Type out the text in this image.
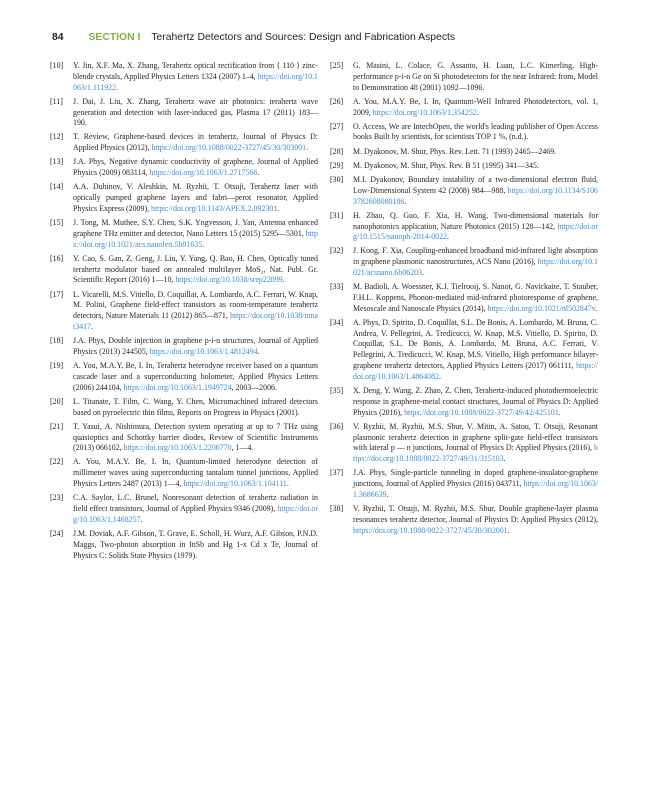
84 SECTION I Terahertz Detectors and Sources: Design and Fabrication Aspects
[10] Y. Jin, X.F. Ma, X. Zhang, Terahertz optical rectification from ⟨ 110 ⟩ zinc-blende crystals, Applied Physics Letters 1324 (2007) 1–4, https://doi.org/10.1063/1.111922.
[11] J. Dai, J. Liu, X. Zhang, Terahertz wave air photonics: terahertz wave generation and detection with laser-induced gas, Plasma 17 (2011) 183—190.
[12] T. Review, Graphene-based devices in terahertz, Journal of Physics D: Applied Physics (2012), https://doi.org/10.1088/0022-3727/45/30/303001.
[13] J.A. Phys, Negative dynamic conductivity of graphene, Journal of Applied Physics (2009) 083114, https://doi.org/10.1063/1.2717566.
[14] A.A. Dubinov, V. Aleshkin, M. Ryzhii, T. Otsuji, Terahertz laser with optically pumped graphene layers and fabri—perot resonator, Applied Physics Express (2009), https://doi.org/10.1143/APEX.2.092301.
[15] J. Tong, M. Muthee, S.Y. Chen, S.K. Yngvesson, J. Yan, Antenna enhanced graphene THz emitter and detector, Nano Letters 15 (2015) 5295—5301, https://doi.org/10.1021/acs.nanolett.5b01635.
[16] Y. Cao, S. Gan, Z. Geng, J. Liu, Y. Yang, Q. Bao, H. Chen, Optically tuned terahertz modulator based on annealed multilayer MoS₂, Nat. Publ. Gr. Scientific Report (2016) 1—10, https://doi.org/10.1038/srep22899.
[17] L. Vicarelli, M.S. Vitiello, D. Coquillat, A. Lombardo, A.C. Ferrari, W. Knap, M. Polini, Graphene field-effect transistors as room-temperature terahertz detectors, Nature Materials 11 (2012) 865—871, https://doi.org/10.1038/nmat3417.
[18] J.A. Phys, Double injection in graphene p-i-n structures, Journal of Applied Physics (2013) 244505, https://doi.org/10.1063/1.4812494.
[19] A. You, M.A.Y. Be, I. In, Terahertz heterodyne receiver based on a quantum cascade laser and a superconducting bolometer, Applied Physics Letters (2006) 244104, https://doi.org/10.1063/1.1949724, 2003—2006.
[20] L. Titanate, T. Film, C. Wang, Y. Chen, Micromachined infrared detectors based on pyroelectric thin films, Reports on Progress in Physics (2001).
[21] T. Yasui, A. Nishimura, Detection system operating at up to 7 THz using quasioptics and Schottky barrier diodes, Review of Scientific Instruments (2013) 066102, https://doi.org/10.1063/1.2206770, 1—4.
[22] A. You, M.A.Y. Be, I. In, Quantum-limited heterodyne detection of millimeter waves using superconducting tantalum tunnel junctions, Applied Physics Letters 2487 (2013) 1—4, https://doi.org/10.1063/1.104111.
[23] C.A. Saylor, L.C. Brunel, Nonresonant detection of terahertz radiation in field effect transistors, Journal of Applied Physics 9346 (2009), https://doi.org/10.1063/1.1468257.
[24] J.M. Doviak, A.F. Gibson, T. Grave, E. Scholl, H. Wurz, A.F. Gibson, P.N.D. Maggs, Two-photon absorption in InSb and Hg 1-x Cd x Te, Journal of Physics C: Solids State Physics (1979).
[25] G. Masini, L. Colace, G. Assanto, H. Luan, L.C. Kimerling, High-performance p-i-n Ge on Si photodetectors for the near Infrared: from, Model to Demonstration 48 (2001) 1092—1096.
[26] A. You, M.A.Y. Be, I. In, Quantum-Well Infrared Photodetectors, vol. 1, 2009, https://doi.org/10.1063/1.354252.
[27] O. Access, We are IntechOpen, the world's leading publisher of Open Access books Built by scientists, for scientists TOP 1 %, (n.d.).
[28] M. Dyakonov, M. Shur, Phys. Rev. Lett. 71 (1993) 2465—2469.
[29] M. Dyakonov, M. Shur, Phys. Rev. B 51 (1995) 341—345.
[30] M.I. Dyakonov, Boundary instability of a two-dimensional electron fluid, Low-Dimensional System 42 (2008) 984—988, https://doi.org/10.1134/S1063782608080186.
[31] H. Zhao, Q. Guo, F. Xia, H. Wang, Two-dimensional materials for nanophotonics application, Nature Photonics (2015) 128—142, https://doi.org/10.1515/nanoph-2014-0022.
[32] J. Kong, F. Xia, Coupling-enhanced broadband mid-infrared light absorption in graphene plasmonic nanostructures, ACS Nano (2016), https://doi.org/10.1021/acsnano.6b06203.
[33] M. Badioli, A. Woessner, K.J. Tielrooij, S. Nanot, G. Navickaite, T. Stauber, F.H.L. Koppens, Phonon-mediated mid-infrared photoresponse of graphene, Mesoscale and Nanoscale Physics (2014), https://doi.org/10.1021/nl502847v.
[34] A. Phys, D. Spirito, D. Coquillat, S.L. De Bonis, A. Lombardo, M. Bruna, C. Andrea, V. Pellegrini, A. Tredicucci, W. Knap, M.S. Vitiello, D. Spirito, D. Coquillat, S.L. De Bonis, A. Lombardo, M. Bruna, A.C. Ferrari, V. Pellegrini, A. Tredicucci, W. Knap, M.S. Vitiello, High performance bilayer-graphene terahertz detectors, Applied Physics Letters (2017) 061111, https://doi.org/10.1063/1.4864082.
[35] X. Deng, Y. Wang, Z. Zhao, Z. Chen, Terahertz-induced photothermoelectric response in graphene-metal contact structures, Journal of Physics D: Applied Physics (2016), https://doi.org/10.1088/0022-3727/49/42/425101.
[36] V. Ryzhii, M. Ryzhii, M.S. Shur, V. Mitin, A. Satou, T. Otsuji, Resonant plasmonic terahertz detection in graphene split-gate field-effect transistors with lateral p — n junctions, Journal of Physics D: Applied Physics (2016), https://doi.org/10.1088/0022-3727/49/31/315103.
[37] J.A. Phys, Single-particle tunneling in doped graphene-insulator-graphene junctions, Journal of Applied Physics (2016) 043711, https://doi.org/10.1063/1.3686639.
[38] V. Ryzhii, T. Otsuji, M. Ryzhii, M.S. Shur, Double graphene-layer plasma resonances terahertz detector, Journal of Physics D: Applied Physics (2012), https://doi.org/10.1088/0022-3727/45/30/302001.
